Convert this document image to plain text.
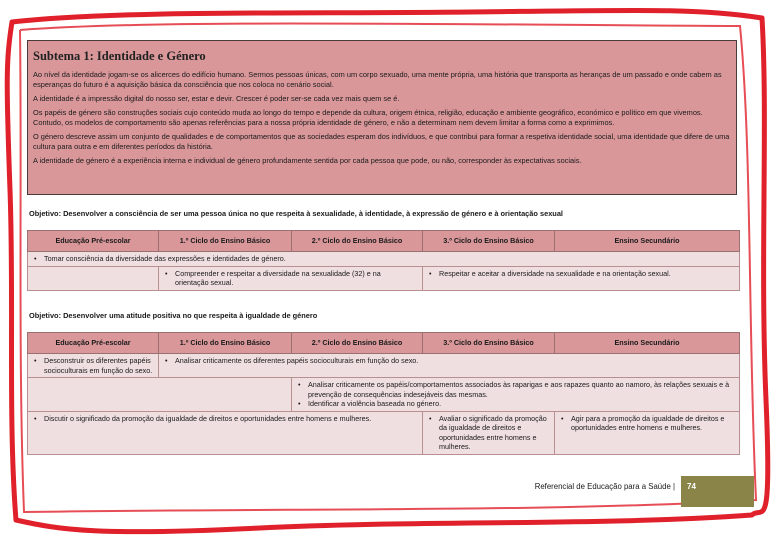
Subtema 1: Identidade e Género

Ao nível da identidade jogam-se os alicerces do edifício humano. Sermos pessoas únicas, com um corpo sexuado, uma mente própria, uma história que transporta as heranças de um passado e onde cabem as esperanças do futuro é a aquisição básica da consciência que nos coloca no cenário social.

A identidade é a impressão digital do nosso ser, estar e devir. Crescer é poder ser-se cada vez mais quem se é.

Os papéis de género são construções sociais cujo conteúdo muda ao longo do tempo e depende da cultura, origem étnica, religião, educação e ambiente geográfico, económico e político em que vivemos. Contudo, os modelos de comportamento são apenas referências para a nossa própria identidade de género, e não a determinam nem devem limitar a forma como a exprimimos.

O género descreve assim um conjunto de qualidades e de comportamentos que as sociedades esperam dos indivíduos, e que contribui para formar a respetiva identidade social, uma identidade que difere de uma cultura para outra e em diferentes períodos da história.

A identidade de género é a experiência interna e individual de género profundamente sentida por cada pessoa que pode, ou não, corresponder às expectativas sociais.

Objetivo: Desenvolver a consciência de ser uma pessoa única no que respeita à sexualidade, à identidade, à expressão de género e à orientação sexual
Educação Pré-escolar	1.º Ciclo do Ensino Básico	2.º Ciclo do Ensino Básico	3.º Ciclo do Ensino Básico	Ensino Secundário

• Tomar consciência da diversidade das expressões e identidades de género.

	• Compreender e respeitar a diversidade na sexualidade (32) e na orientação sexual.		• Respeitar e aceitar a diversidade na sexualidade e na orientação sexual.
Objetivo: Desenvolver uma atitude positiva no que respeita à igualdade de género
Educação Pré-escolar	1.º Ciclo do Ensino Básico	2.º Ciclo do Ensino Básico	3.º Ciclo do Ensino Básico	Ensino Secundário

• Desconstruir os diferentes papéis socioculturais em função do sexo.	• Analisar criticamente os diferentes papéis socioculturais em função do sexo.

		• Analisar criticamente os papéis/comportamentos associados às raparigas e aos rapazes quanto ao namoro, às relações sexuais e à prevenção de consequências indesejáveis das mesmas.
• Identificar a violência baseada no género.

• Discutir o significado da promoção da igualdade de direitos e oportunidades entre homens e mulheres.			• Avaliar o significado da promoção da igualdade de direitos e oportunidades entre homens e mulheres.	• Agir para a promoção da igualdade de direitos e oportunidades entre homens e mulheres.
Referencial de Educação para a Saúde |	74
